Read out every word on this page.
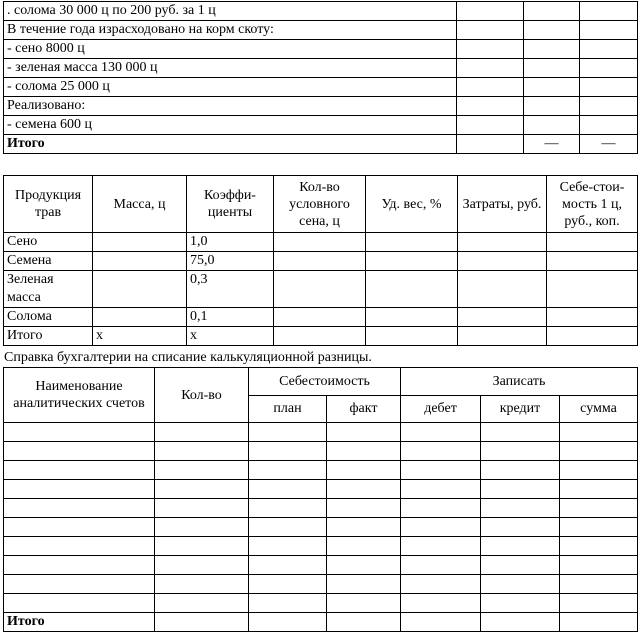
. солома 30 000 ц по 200 руб. за 1 ц			
В течение года израсходовано на корм скоту:			
- сено 8000 ц			
- зеленая масса 130 000 ц			
- солома 25 000 ц			
Реализовано:			
- семена 600 ц			
Итого		—	—
Продукция трав	Масса, ц	Коэффи-циенты	Кол-во условного сена, ц	Уд. вес, %	Затраты, руб.	Себе-стои-мость 1 ц, руб., коп.
Сено		1,0				
Семена		75,0				
Зеленая масса		0,3				
Солома		0,1				
Итого	х	х				
Справка бухгалтерии на списание калькуляционной разницы.
Наименование аналитических счетов	Кол-во	Себестоимость		Записать		
		план	факт	дебет	кредит	сумма

Итого						
